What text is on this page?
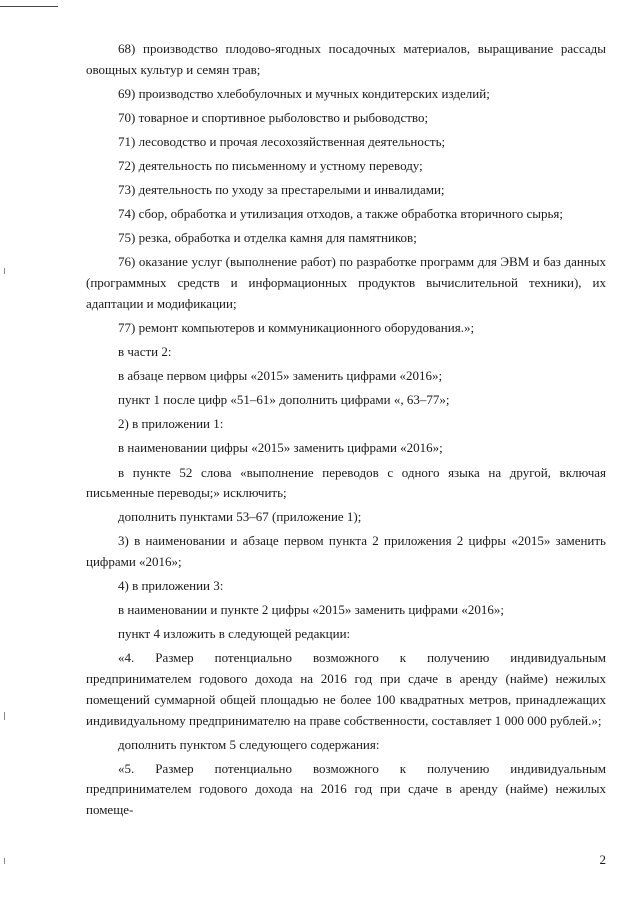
68) производство плодово-ягодных посадочных материалов, выращивание рассады овощных культур и семян трав;

69) производство хлебобулочных и мучных кондитерских изделий;

70) товарное и спортивное рыболовство и рыбоводство;

71) лесоводство и прочая лесохозяйственная деятельность;

72) деятельность по письменному и устному переводу;

73) деятельность по уходу за престарелыми и инвалидами;

74) сбор, обработка и утилизация отходов, а также обработка вторичного сырья;

75) резка, обработка и отделка камня для памятников;

76) оказание услуг (выполнение работ) по разработке программ для ЭВМ и баз данных (программных средств и информационных продуктов вычислительной техники), их адаптации и модификации;

77) ремонт компьютеров и коммуникационного оборудования.»;

в части 2:

в абзаце первом цифры «2015» заменить цифрами «2016»;

пункт 1 после цифр «51–61» дополнить цифрами «, 63–77»;

2) в приложении 1:

в наименовании цифры «2015» заменить цифрами «2016»;

в пункте 52 слова «выполнение переводов с одного языка на другой, включая письменные переводы;» исключить;

дополнить пунктами 53–67 (приложение 1);

3) в наименовании и абзаце первом пункта 2 приложения 2 цифры «2015» заменить цифрами «2016»;

4) в приложении 3:

в наименовании и пункте 2 цифры «2015» заменить цифрами «2016»;

пункт 4 изложить в следующей редакции:

«4. Размер потенциально возможного к получению индивидуальным предпринимателем годового дохода на 2016 год при сдаче в аренду (найме) нежилых помещений суммарной общей площадью не более 100 квадратных метров, принадлежащих индивидуальному предпринимателю на праве собственности, составляет 1 000 000 рублей.»;

дополнить пунктом 5 следующего содержания:

«5. Размер потенциально возможного к получению индивидуальным предпринимателем годового дохода на 2016 год при сдаче в аренду (найме) нежилых помеще-

2
